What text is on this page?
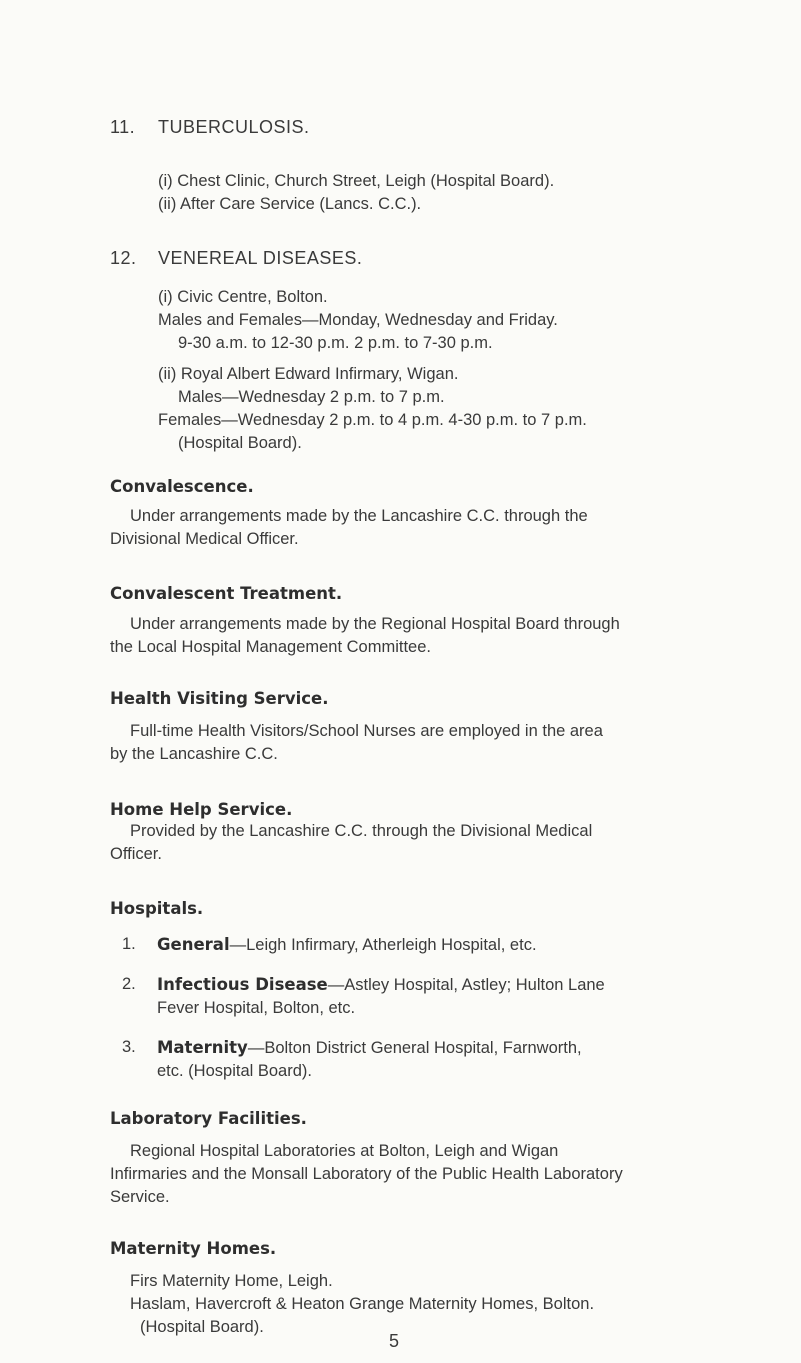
11. TUBERCULOSIS.
(i) Chest Clinic, Church Street, Leigh (Hospital Board).
(ii) After Care Service (Lancs. C.C.).
12. VENEREAL DISEASES.
(i) Civic Centre, Bolton.
Males and Females—Monday, Wednesday and Friday.
9-30 a.m. to 12-30 p.m. 2 p.m. to 7-30 p.m.
(ii) Royal Albert Edward Infirmary, Wigan.
Males—Wednesday 2 p.m. to 7 p.m.
Females—Wednesday 2 p.m. to 4 p.m. 4-30 p.m. to 7 p.m.
(Hospital Board).
Convalescence.
Under arrangements made by the Lancashire C.C. through the
Divisional Medical Officer.
Convalescent Treatment.
Under arrangements made by the Regional Hospital Board through
the Local Hospital Management Committee.
Health Visiting Service.
Full-time Health Visitors/School Nurses are employed in the area
by the Lancashire C.C.
Home Help Service.
Provided by the Lancashire C.C. through the Divisional Medical
Officer.
Hospitals.
1.	General—Leigh Infirmary, Atherleigh Hospital, etc.
2.	Infectious Disease—Astley Hospital, Astley; Hulton Lane
Fever Hospital, Bolton, etc.
3.	Maternity—Bolton District General Hospital, Farnworth,
etc. (Hospital Board).
Laboratory Facilities.
Regional Hospital Laboratories at Bolton, Leigh and Wigan
Infirmaries and the Monsall Laboratory of the Public Health Laboratory
Service.
Maternity Homes.
Firs Maternity Home, Leigh.
Haslam, Havercroft & Heaton Grange Maternity Homes, Bolton.
(Hospital Board).
5
